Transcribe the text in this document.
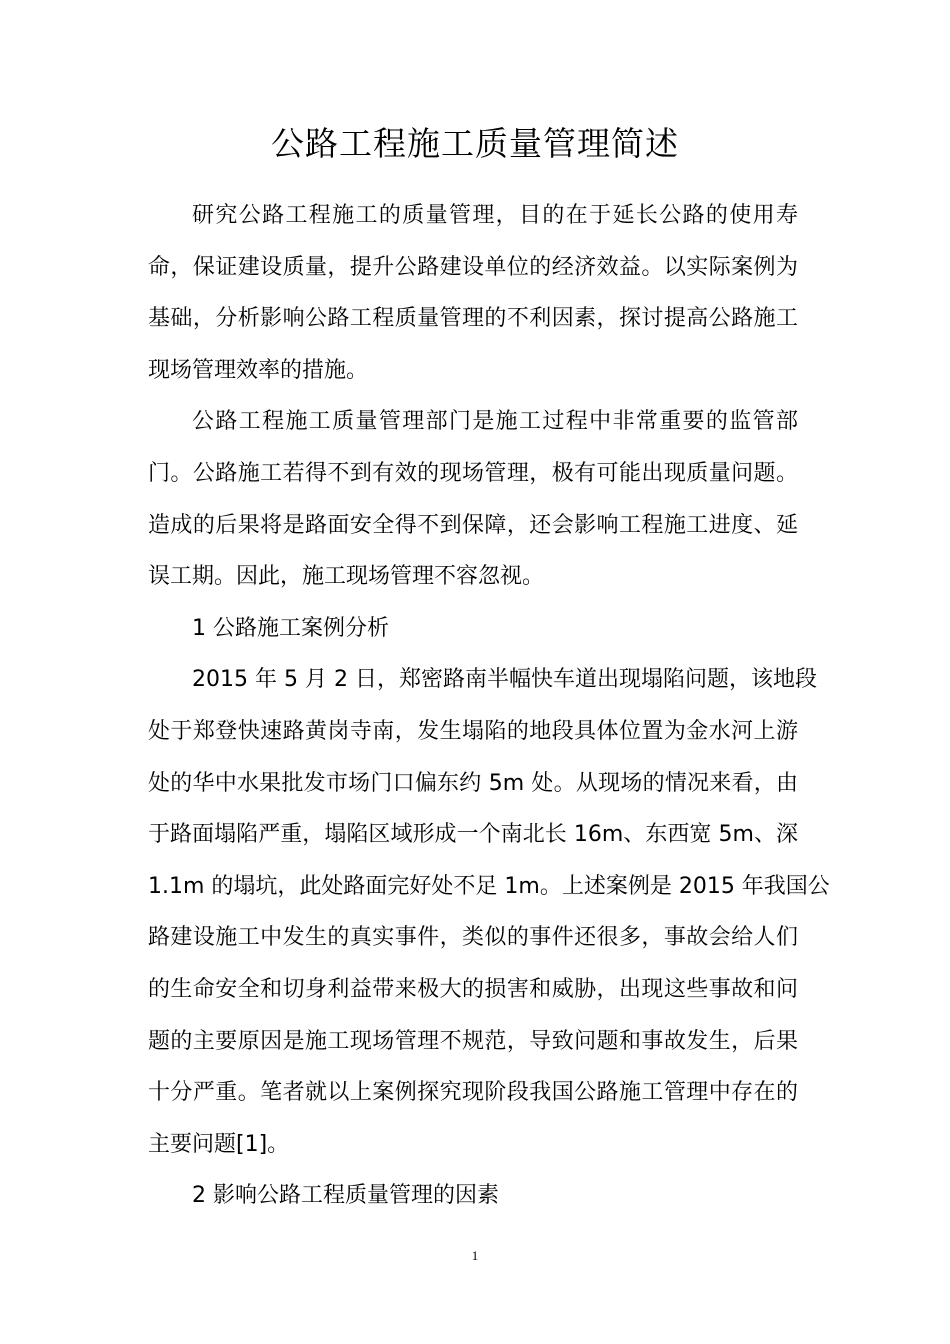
公路工程施工质量管理简述
研究公路工程施工的质量管理，目的在于延长公路的使用寿
命，保证建设质量，提升公路建设单位的经济效益。以实际案例为
基础，分析影响公路工程质量管理的不利因素，探讨提高公路施工
现场管理效率的措施。
公路工程施工质量管理部门是施工过程中非常重要的监管部
门。公路施工若得不到有效的现场管理，极有可能出现质量问题。
造成的后果将是路面安全得不到保障，还会影响工程施工进度、延
误工期。因此，施工现场管理不容忽视。
1 公路施工案例分析
2015 年 5 月 2 日，郑密路南半幅快车道出现塌陷问题，该地段
处于郑登快速路黄岗寺南，发生塌陷的地段具体位置为金水河上游
处的华中水果批发市场门口偏东约 5m 处。从现场的情况来看，由
于路面塌陷严重，塌陷区域形成一个南北长 16m、东西宽 5m、深
1.1m 的塌坑，此处路面完好处不足 1m。上述案例是 2015 年我国公
路建设施工中发生的真实事件，类似的事件还很多，事故会给人们
的生命安全和切身利益带来极大的损害和威胁，出现这些事故和问
题的主要原因是施工现场管理不规范，导致问题和事故发生，后果
十分严重。笔者就以上案例探究现阶段我国公路施工管理中存在的
主要问题[1]。
2 影响公路工程质量管理的因素
1
